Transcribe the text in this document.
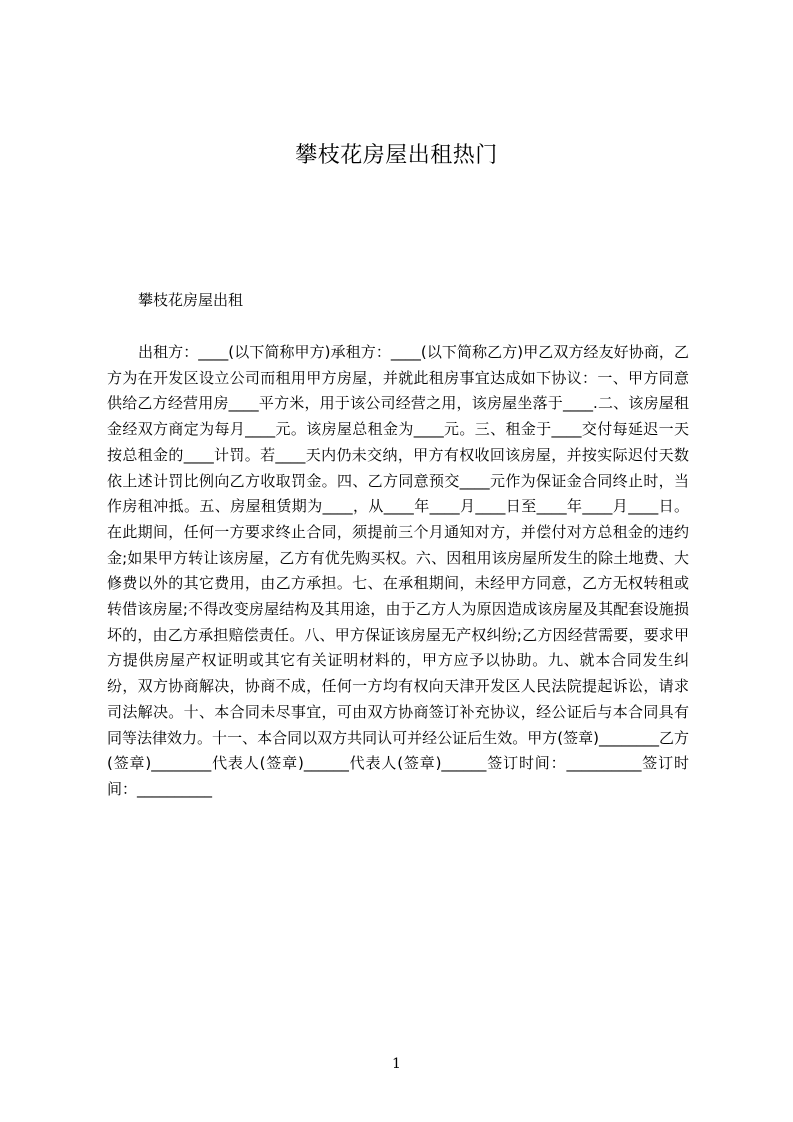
攀枝花房屋出租热门
攀枝花房屋出租

出租方：____(以下简称甲方)承租方：____(以下简称乙方)甲乙双方经友好协商，乙方为在开发区设立公司而租用甲方房屋，并就此租房事宜达成如下协议：一、甲方同意供给乙方经营用房____平方米，用于该公司经营之用，该房屋坐落于____.二、该房屋租金经双方商定为每月____元。该房屋总租金为____元。三、租金于____交付每延迟一天按总租金的____计罚。若____天内仍未交纳，甲方有权收回该房屋，并按实际迟付天数依上述计罚比例向乙方收取罚金。四、乙方同意预交____元作为保证金合同终止时，当作房租冲抵。五、房屋租赁期为____，从____年____月____日至____年____月____日。在此期间，任何一方要求终止合同，须提前三个月通知对方，并偿付对方总租金的违约金;如果甲方转让该房屋，乙方有优先购买权。六、因租用该房屋所发生的除土地费、大修费以外的其它费用，由乙方承担。七、在承租期间，未经甲方同意，乙方无权转租或转借该房屋;不得改变房屋结构及其用途，由于乙方人为原因造成该房屋及其配套设施损坏的，由乙方承担赔偿责任。八、甲方保证该房屋无产权纠纷;乙方因经营需要，要求甲方提供房屋产权证明或其它有关证明材料的，甲方应予以协助。九、就本合同发生纠纷，双方协商解决，协商不成，任何一方均有权向天津开发区人民法院提起诉讼，请求司法解决。十、本合同未尽事宜，可由双方协商签订补充协议，经公证后与本合同具有同等法律效力。十一、本合同以双方共同认可并经公证后生效。甲方(签章)________乙方(签章)________代表人(签章)______代表人(签章)______签订时间：__________签订时间：__________

1
